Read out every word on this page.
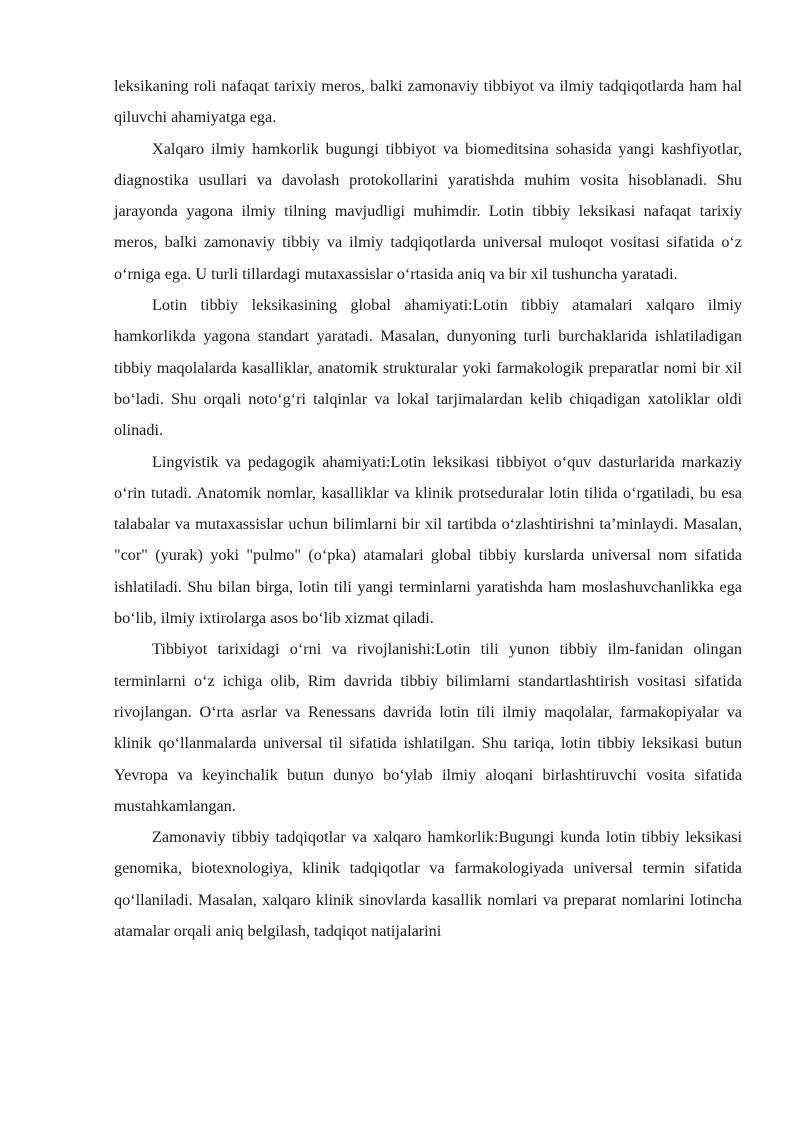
leksikaning roli nafaqat tarixiy meros, balki zamonaviy tibbiyot va ilmiy tadqiqotlarda ham hal qiluvchi ahamiyatga ega.

Xalqaro ilmiy hamkorlik bugungi tibbiyot va biomeditsina sohasida yangi kashfiyotlar, diagnostika usullari va davolash protokollarini yaratishda muhim vosita hisoblanadi. Shu jarayonda yagona ilmiy tilning mavjudligi muhimdir. Lotin tibbiy leksikasi nafaqat tarixiy meros, balki zamonaviy tibbiy va ilmiy tadqiqotlarda universal muloqot vositasi sifatida o‘z o‘rniga ega. U turli tillardagi mutaxassislar o‘rtasida aniq va bir xil tushuncha yaratadi.

Lotin tibbiy leksikasining global ahamiyati:Lotin tibbiy atamalari xalqaro ilmiy hamkorlikda yagona standart yaratadi. Masalan, dunyoning turli burchaklarida ishlatiladigan tibbiy maqolalarda kasalliklar, anatomik strukturalar yoki farmakologik preparatlar nomi bir xil bo‘ladi. Shu orqali noto‘g‘ri talqinlar va lokal tarjimalardan kelib chiqadigan xatoliklar oldi olinadi.

Lingvistik va pedagogik ahamiyati:Lotin leksikasi tibbiyot o‘quv dasturlarida markaziy o‘rin tutadi. Anatomik nomlar, kasalliklar va klinik protseduralar lotin tilida o‘rgatiladi, bu esa talabalar va mutaxassislar uchun bilimlarni bir xil tartibda o‘zlashtirishni ta’minlaydi. Masalan, "cor" (yurak) yoki "pulmo" (o‘pka) atamalari global tibbiy kurslarda universal nom sifatida ishlatiladi. Shu bilan birga, lotin tili yangi terminlarni yaratishda ham moslashuvchanlikka ega bo‘lib, ilmiy ixtirolarga asos bo‘lib xizmat qiladi.

Tibbiyot tarixidagi o‘rni va rivojlanishi:Lotin tili yunon tibbiy ilm-fanidan olingan terminlarni o‘z ichiga olib, Rim davrida tibbiy bilimlarni standartlashtirish vositasi sifatida rivojlangan. O‘rta asrlar va Renessans davrida lotin tili ilmiy maqolalar, farmakopiyalar va klinik qo‘llanmalarda universal til sifatida ishlatilgan. Shu tariqa, lotin tibbiy leksikasi butun Yevropa va keyinchalik butun dunyo bo‘ylab ilmiy aloqani birlashtiruvchi vosita sifatida mustahkamlangan.

Zamonaviy tibbiy tadqiqotlar va xalqaro hamkorlik:Bugungi kunda lotin tibbiy leksikasi genomika, biotexnologiya, klinik tadqiqotlar va farmakologiyada universal termin sifatida qo‘llaniladi. Masalan, xalqaro klinik sinovlarda kasallik nomlari va preparat nomlarini lotincha atamalar orqali aniq belgilash, tadqiqot natijalarini
